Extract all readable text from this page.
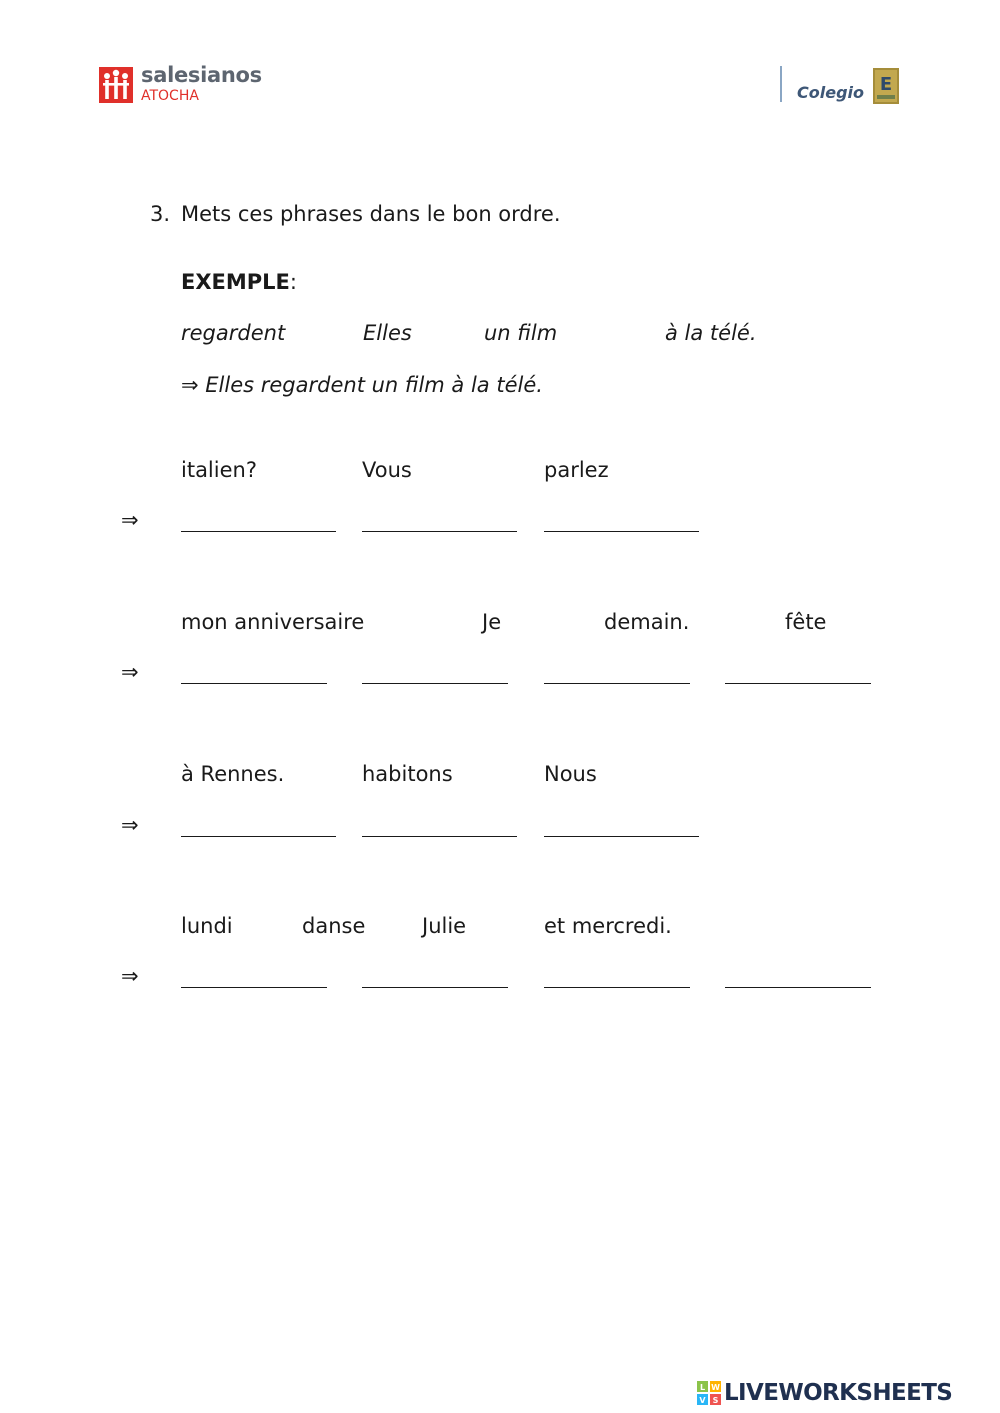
salesianos
ATOCHA	Colegio E
3. Mets ces phrases dans le bon ordre.
EXEMPLE:
regardent	Elles	un film	à la télé.
⇒ Elles regardent un film à la télé.
italien?	Vous	parlez
⇒
mon anniversaire	Je	demain.	fête
⇒
à Rennes.	habitons	Nous
⇒
lundi	danse	Julie	et mercredi.
⇒
L W
V S LIVEWORKSHEETS
